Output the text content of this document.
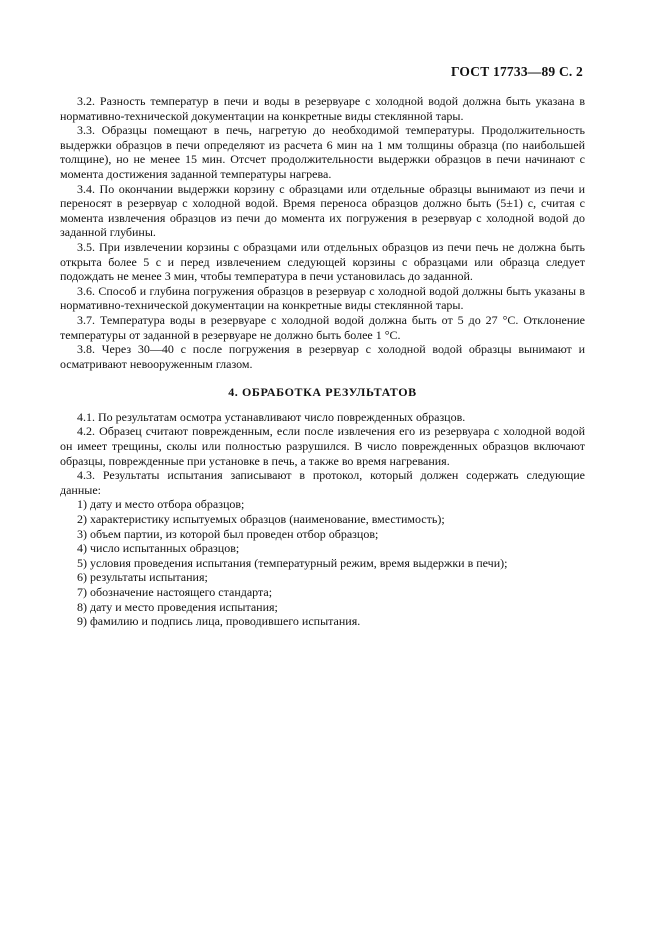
ГОСТ 17733—89 С. 2

3.2. Разность температур в печи и воды в резервуаре с холодной водой должна быть указана в нормативно-технической документации на конкретные виды стеклянной тары.

3.3. Образцы помещают в печь, нагретую до необходимой температуры. Продолжительность выдержки образцов в печи определяют из расчета 6 мин на 1 мм толщины образца (по наибольшей толщине), но не менее 15 мин. Отсчет продолжительности выдержки образцов в печи начинают с момента достижения заданной температуры нагрева.

3.4. По окончании выдержки корзину с образцами или отдельные образцы вынимают из печи и переносят в резервуар с холодной водой. Время переноса образцов должно быть (5±1) с, считая с момента извлечения образцов из печи до момента их погружения в резервуар с холодной водой до заданной глубины.

3.5. При извлечении корзины с образцами или отдельных образцов из печи печь не должна быть открыта более 5 с и перед извлечением следующей корзины с образцами или образца следует подождать не менее 3 мин, чтобы температура в печи установилась до заданной.

3.6. Способ и глубина погружения образцов в резервуар с холодной водой должны быть указаны в нормативно-технической документации на конкретные виды стеклянной тары.

3.7. Температура воды в резервуаре с холодной водой должна быть от 5 до 27 °С. Отклонение температуры от заданной в резервуаре не должно быть более 1 °С.

3.8. Через 30—40 с после погружения в резервуар с холодной водой образцы вынимают и осматривают невооруженным глазом.

4. ОБРАБОТКА РЕЗУЛЬТАТОВ

4.1. По результатам осмотра устанавливают число поврежденных образцов.

4.2. Образец считают поврежденным, если после извлечения его из резервуара с холодной водой он имеет трещины, сколы или полностью разрушился. В число поврежденных образцов включают образцы, поврежденные при установке в печь, а также во время нагревания.

4.3. Результаты испытания записывают в протокол, который должен содержать следующие данные:

1) дату и место отбора образцов;
2) характеристику испытуемых образцов (наименование, вместимость);
3) объем партии, из которой был проведен отбор образцов;
4) число испытанных образцов;
5) условия проведения испытания (температурный режим, время выдержки в печи);
6) результаты испытания;
7) обозначение настоящего стандарта;
8) дату и место проведения испытания;
9) фамилию и подпись лица, проводившего испытания.
